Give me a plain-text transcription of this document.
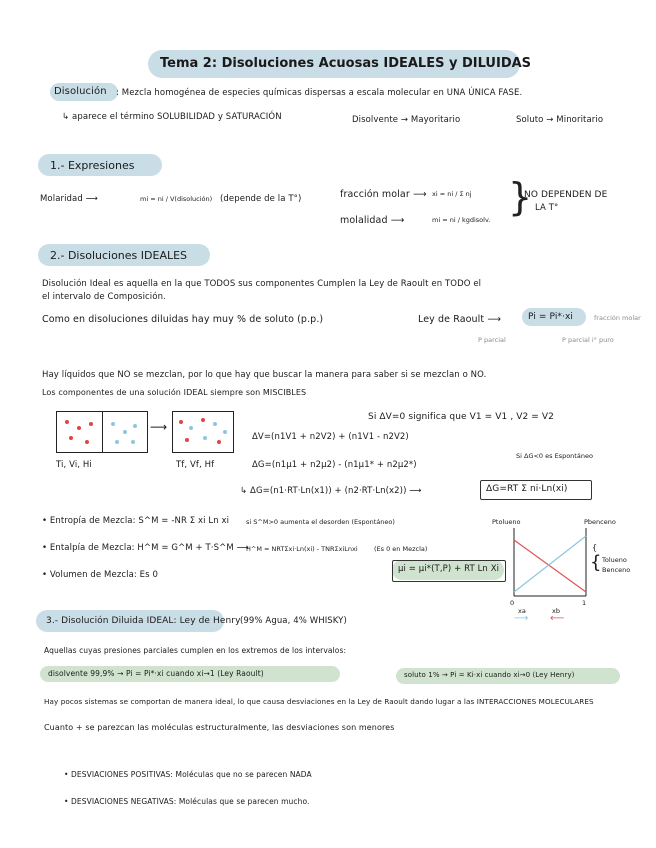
Tema 2: Disoluciones Acuosas IDEALES y DILUIDAS
Disolución : Mezcla homogénea de especies químicas dispersas a escala molecular en UNA ÚNICA FASE.
↳ aparece el término SOLUBILIDAD y SATURACIÓN	Disolvente → Mayoritario	Soluto → Minoritario
1.- Expresiones
Molaridad ⟶	mi = ni / V(disolución) (depende de la T°)	fracción molar ⟶ xi = ni / Σ nj
molalidad ⟶	mi = ni / kgdisolv.
}
NO DEPENDEN DE
LA T°
2.- Disoluciones IDEALES
Disolución Ideal es aquella en la que TODOS sus componentes Cumplen la Ley de Raoult en TODO el
el intervalo de Composición.
Como en disoluciones diluidas hay muy % de soluto (p.p.)	Ley de Raoult ⟶	Pi = Pi*·xi	fracción molar
P parcial	P parcial i° puro
Hay líquidos que NO se mezclan, por lo que hay que buscar la manera para saber si se mezclan o NO.
Los componentes de una solución IDEAL siempre son MISCIBLES
⟶
Ti, Vi, Hi	Tf, Vf, Hf
Si ΔV=0 significa que V1 = V1 , V2 = V2
ΔV=(n1V1 + n2V2) + (n1V1 - n2V2)
ΔG=(n1μ1 + n2μ2) - (n1μ1* + n2μ2*)
Si ΔG<0 es Espontáneo
↳ ΔG=(n1·RT·Ln(x1)) + (n2·RT·Ln(x2)) ⟶	ΔG=RT Σ ni·Ln(xi)
• Entropía de Mezcla: S^M = -NR Σ xi Ln xi	si S^M>0 aumenta el desorden (Espontáneo)
• Entalpía de Mezcla: H^M = G^M + T·S^M ⟶
H^M = NRTΣxi·Ln(xi) - TNRΣxiLnxi	(Es 0 en Mezcla)
• Volumen de Mezcla: Es 0
μi = μi*(T,P) + RT Ln Xi
{
Ptolueno	Pbenceno
0	1
xa	xb
⟶ ⟵
{ Tolueno
Benceno
3.- Disolución Diluida IDEAL: Ley de Henry (99% Agua, 4% WHISKY)
Aquellas cuyas presiones parciales cumplen en los extremos de los intervalos:
disolvente 99,9% → Pi = Pi*·xi cuando xi→1 (Ley Raoult)	soluto 1% → Pi = Ki·xi cuando xi→0 (Ley Henry)
Hay pocos sistemas se comportan de manera ideal, lo que causa desviaciones en la Ley de Raoult dando lugar a las INTERACCIONES MOLECULARES
Cuanto + se parezcan las moléculas estructuralmente, las desviaciones son menores
• DESVIACIONES POSITIVAS: Moléculas que no se parecen NADA
• DESVIACIONES NEGATIVAS: Moléculas que se parecen mucho.
